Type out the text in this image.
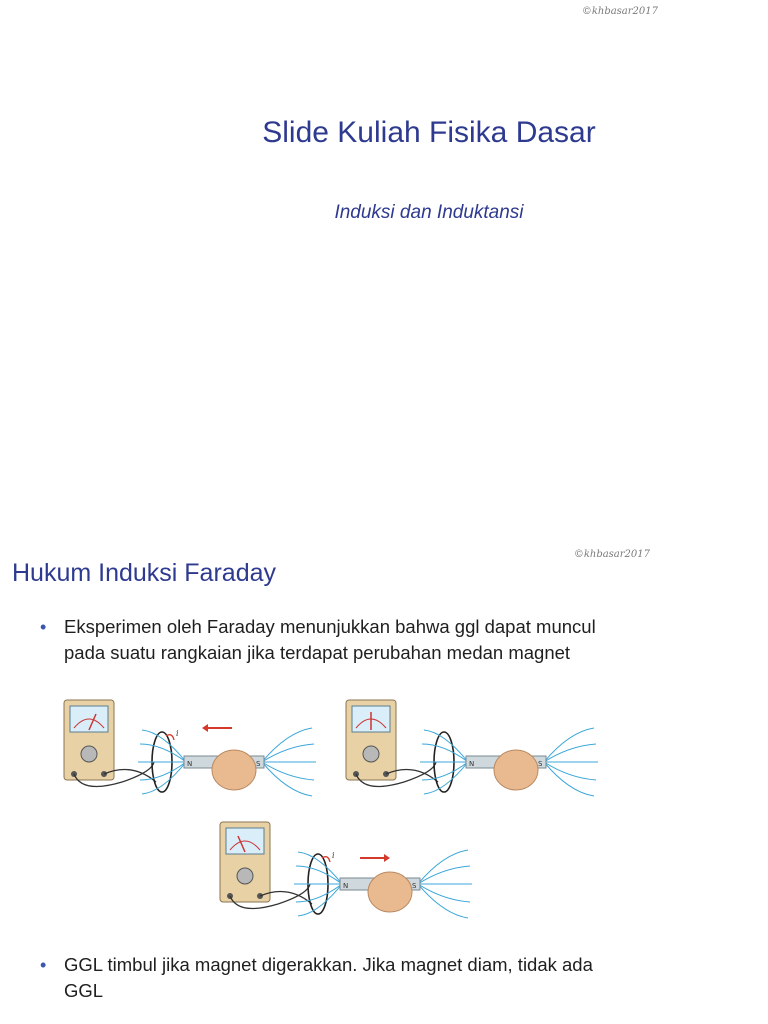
©khbasar2017
Slide Kuliah Fisika Dasar
Induksi dan Induktansi
©khbasar2017
Hukum Induksi Faraday
• Eksperimen oleh Faraday menunjukkan bahwa ggl dapat muncul pada suatu rangkaian jika terdapat perubahan medan magnet
N	S
i
N	S
N	S
i
• GGL timbul jika magnet digerakkan. Jika magnet diam, tidak ada GGL
